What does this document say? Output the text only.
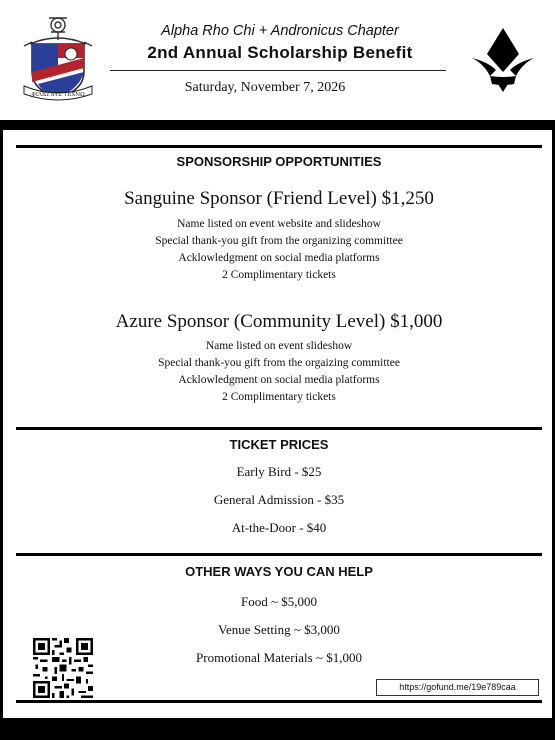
ΦΙΛΙΩ ΑΥΣ ΤΕΧΝΩ
Alpha Rho Chi + Andronicus Chapter
2nd Annual Scholarship Benefit
Saturday, November 7, 2026
SPONSORSHIP OPPORTUNITIES
Sanguine Sponsor (Friend Level) $1,250
Name listed on event website and slideshow
Special thank-you gift from the organizing committee
Acklowledgment on social media platforms
2 Complimentary tickets
Azure Sponsor (Community Level) $1,000
Name listed on event slideshow
Special thank-you gift from the orgaizing committee
Acklowledgment on social media platforms
2 Complimentary tickets
TICKET PRICES
Early Bird - $25
General Admission - $35
At-the-Door - $40
OTHER WAYS YOU CAN HELP
Food ~ $5,000
Venue Setting ~ $3,000
Promotional Materials ~ $1,000
https://gofund.me/19e789caa
